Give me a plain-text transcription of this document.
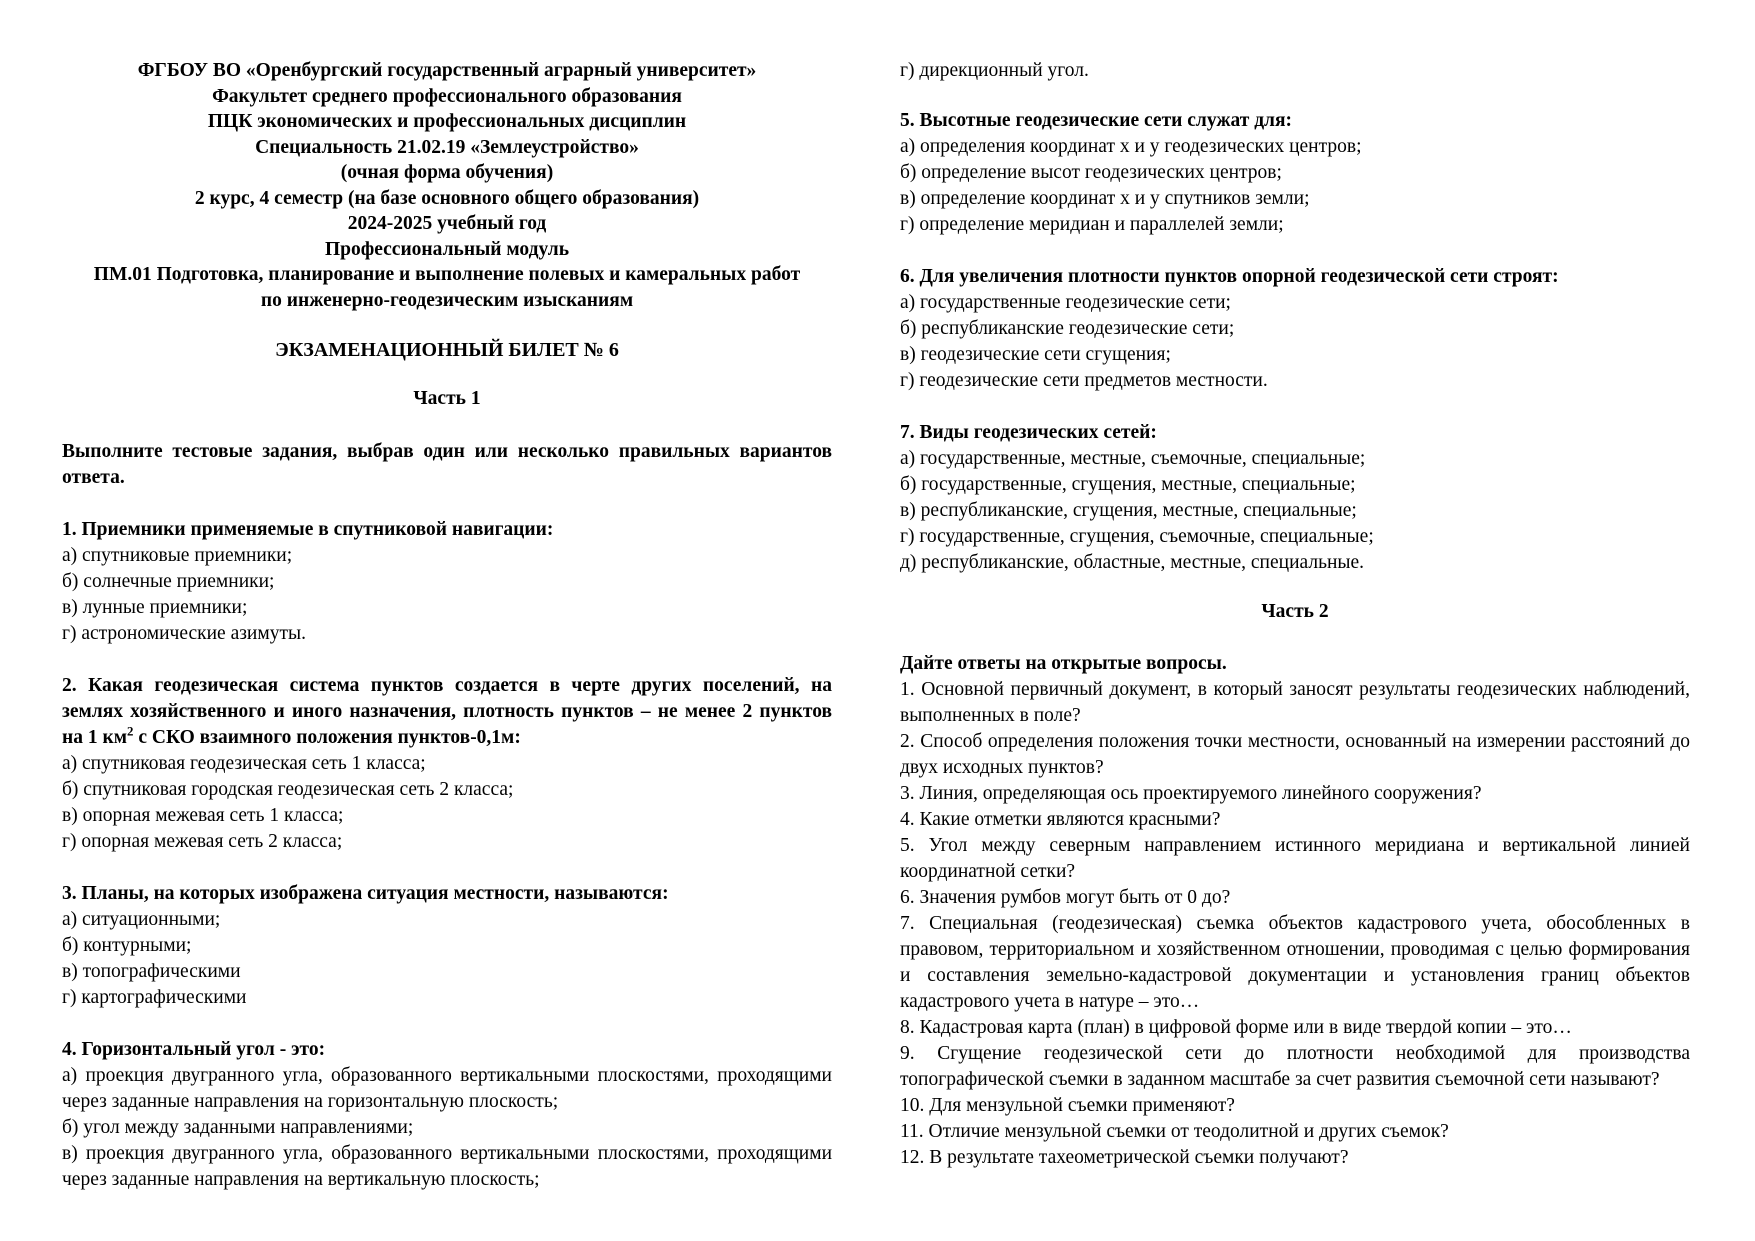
ФГБОУ ВО «Оренбургский государственный аграрный университет»

Факультет среднего профессионального образования

ПЦК экономических и профессиональных дисциплин

Специальность 21.02.19 «Землеустройство»

(очная форма обучения)

2 курс, 4 семестр (на базе основного общего образования)

2024-2025 учебный год

Профессиональный модуль

ПМ.01 Подготовка, планирование и выполнение полевых и камеральных работ

по инженерно-геодезическим изысканиям

ЭКЗАМЕНАЦИОННЫЙ БИЛЕТ № 6

Часть 1

Выполните тестовые задания, выбрав один или несколько правильных вариантов ответа.

1. Приемники применяемые в спутниковой навигации:

а) спутниковые приемники;

б) солнечные приемники;

в) лунные приемники;

г) астрономические азимуты.

2. Какая геодезическая система пунктов создается в черте других поселений, на землях хозяйственного и иного назначения, плотность пунктов – не менее 2 пунктов на 1 $км^2$ с СКО взаимного положения пунктов-0,1м:

а) спутниковая геодезическая сеть 1 класса;

б) спутниковая городская геодезическая сеть 2 класса;

в) опорная межевая сеть 1 класса;

г) опорная межевая сеть 2 класса;

3. Планы, на которых изображена ситуация местности, называются:

а) ситуационными;

б) контурными;

в) топографическими

г) картографическими

4. Горизонтальный угол - это:

а) проекция двугранного угла, образованного вертикальными плоскостями, проходящими через заданные направления на горизонтальную плоскость;

б) угол между заданными направлениями;

в) проекция двугранного угла, образованного вертикальными плоскостями, проходящими через заданные направления на вертикальную плоскость;

г) дирекционный угол.

5. Высотные геодезические сети служат для:

а) определения координат x и y геодезических центров;

б) определение высот геодезических центров;

в) определение координат x и y спутников земли;

г) определение меридиан и параллелей земли;

6. Для увеличения плотности пунктов опорной геодезической сети строят:

а) государственные геодезические сети;

б) республиканские геодезические сети;

в) геодезические сети сгущения;

г) геодезические сети предметов местности.

7. Виды геодезических сетей:

а) государственные, местные, съемочные, специальные;

б) государственные, сгущения, местные, специальные;

в) республиканские, сгущения, местные, специальные;

г) государственные, сгущения, съемочные, специальные;

д) республиканские, областные, местные, специальные.

Часть 2

Дайте ответы на открытые вопросы.

1. Основной первичный документ, в который заносят результаты геодезических наблюдений, выполненных в поле?

2. Способ определения положения точки местности, основанный на измерении расстояний до двух исходных пунктов?

3. Линия, определяющая ось проектируемого линейного сооружения?

4. Какие отметки являются красными?

5. Угол между северным направлением истинного меридиана и вертикальной линией координатной сетки?

6. Значения румбов могут быть от 0 до?

7. Специальная (геодезическая) съемка объектов кадастрового учета, обособленных в правовом, территориальном и хозяйственном отношении, проводимая с целью формирования и составления земельно-кадастровой документации и установления границ объектов кадастрового учета в натуре – это…

8. Кадастровая карта (план) в цифровой форме или в виде твердой копии – это…

9. Сгущение геодезической сети до плотности необходимой для производства топографической съемки в заданном масштабе за счет развития съемочной сети называют?

10. Для мензульной съемки применяют?

11. Отличие мензульной съемки от теодолитной и других съемок?

12. В результате тахеометрической съемки получают?
